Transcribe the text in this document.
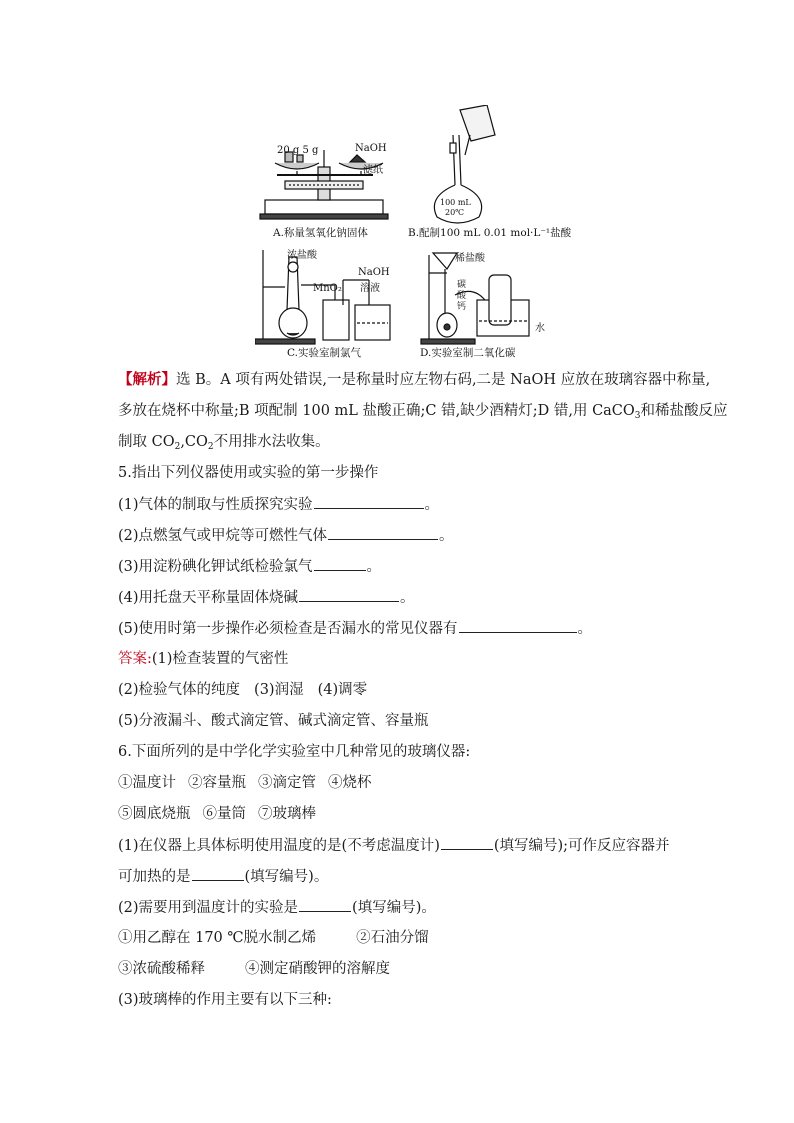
20 g 5 g	NaOH
滤纸
A.称量氢氧化钠固体
100 mL
20℃
B.配制100 mL 0.01 mol·L⁻¹盐酸
浓盐酸
MnO₂
NaOH
溶液
C.实验室制氯气
稀盐酸
碳
酸
钙
水
D.实验室制二氧化碳
【解析】选 B。A 项有两处错误,一是称量时应左物右码,二是 NaOH 应放在玻璃容器中称量,
多放在烧杯中称量;B 项配制 100 mL 盐酸正确;C 错,缺少酒精灯;D 错,用 CaCO$_3$和稀盐酸反应
制取 $CO_2,CO_2$不用排水法收集。
5.指出下列仪器使用或实验的第一步操作
(1)气体的制取与性质探究实验	。
(2)点燃氢气或甲烷等可燃性气体	。
(3)用淀粉碘化钾试纸检验氯气	。
(4)用托盘天平称量固体烧碱	。
(5)使用时第一步操作必须检查是否漏水的常见仪器有	。
答案:(1)检查装置的气密性
(2)检验气体的纯度 (3)润湿 (4)调零
(5)分液漏斗、酸式滴定管、碱式滴定管、容量瓶
6.下面所列的是中学化学实验室中几种常见的玻璃仪器:
①温度计 ②容量瓶 ③滴定管 ④烧杯
⑤圆底烧瓶 ⑥量筒 ⑦玻璃棒
(1)在仪器上具体标明使用温度的是(不考虑温度计)	(填写编号);可作反应容器并
可加热的是	(填写编号)。
(2)需要用到温度计的实验是	(填写编号)。
①用乙醇在 170 ℃脱水制乙烯	②石油分馏
③浓硫酸稀释	④测定硝酸钾的溶解度
(3)玻璃棒的作用主要有以下三种:
